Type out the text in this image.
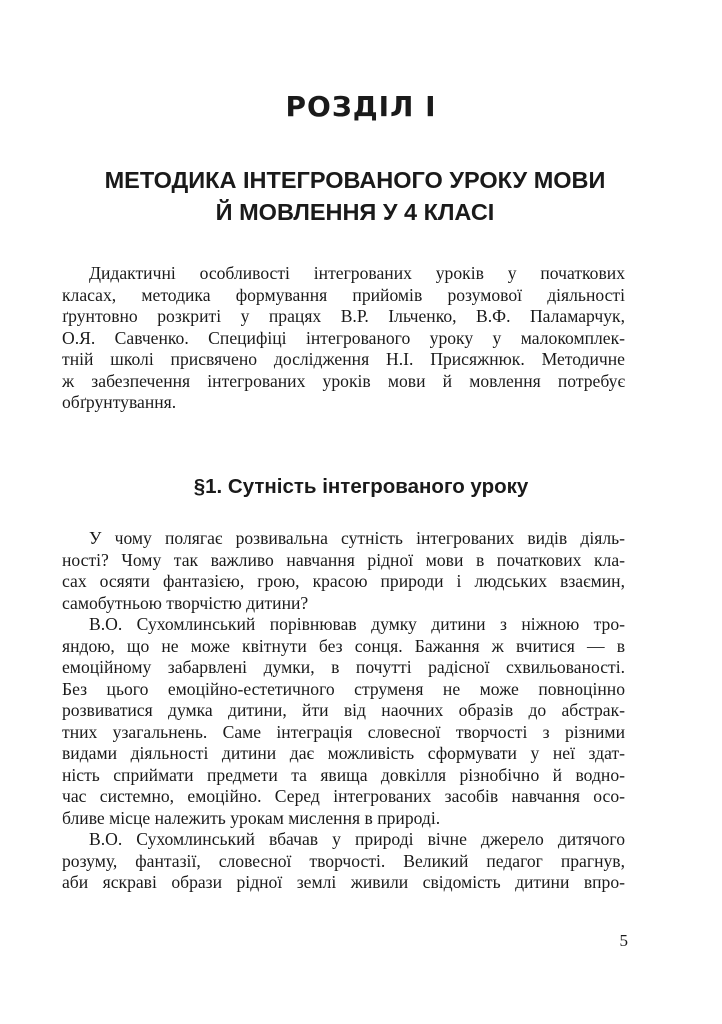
РОЗДІЛ І
МЕТОДИКА ІНТЕГРОВАНОГО УРОКУ МОВИ
Й МОВЛЕННЯ У 4 КЛАСІ

Дидактичні особливості інтегрованих уроків у початкових
класах, методика формування прийомів розумової діяльності
ґрунтовно розкриті у працях В.Р. Ільченко, В.Ф. Паламарчук,
О.Я. Савченко. Специфіці інтегрованого уроку у малокомплек-
тній школі присвячено дослідження Н.І. Присяжнюк. Методичне
ж забезпечення інтегрованих уроків мови й мовлення потребує
обґрунтування.

§1. Сутність інтегрованого уроку

У чому полягає розвивальна сутність інтегрованих видів діяль-
ності? Чому так важливо навчання рідної мови в початкових кла-
сах осяяти фантазією, грою, красою природи і людських взаємин,
самобутньою творчістю дитини?

В.О. Сухомлинський порівнював думку дитини з ніжною тро-
яндою, що не може квітнути без сонця. Бажання ж вчитися — в
емоційному забарвлені думки, в почутті радісної схвильованості.
Без цього емоційно-естетичного струменя не може повноцінно
розвиватися думка дитини, йти від наочних образів до абстрак-
тних узагальнень. Саме інтеграція словесної творчості з різними
видами діяльності дитини дає можливість сформувати у неї здат-
ність сприймати предмети та явища довкілля різнобічно й водно-
час системно, емоційно. Серед інтегрованих засобів навчання осо-
бливе місце належить урокам мислення в природі.

В.О. Сухомлинський вбачав у природі вічне джерело дитячого
розуму, фантазії, словесної творчості. Великий педагог прагнув,
аби яскраві образи рідної землі живили свідомість дитини впро-

5
